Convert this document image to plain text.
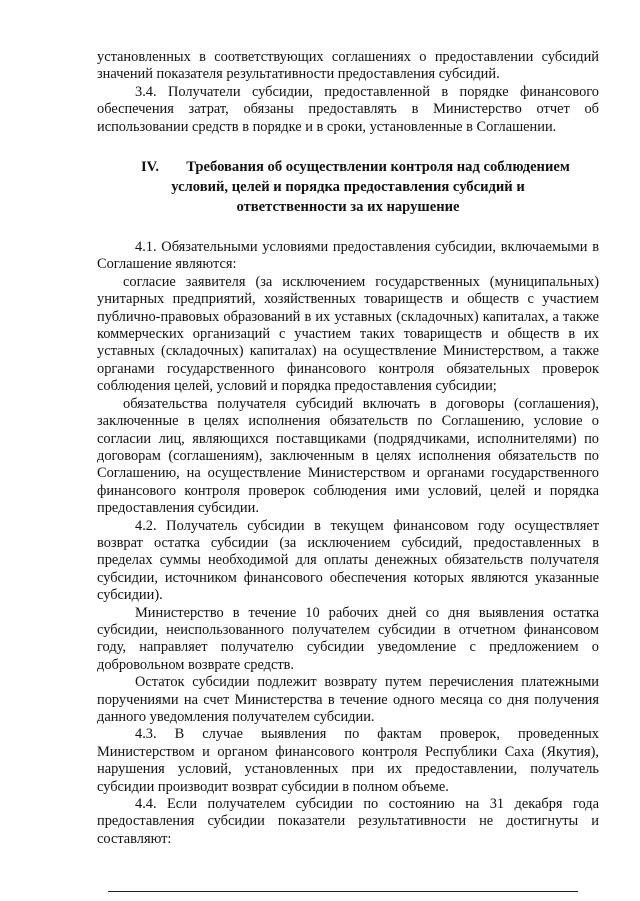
установленных в соответствующих соглашениях о предоставлении субсидий значений показателя результативности предоставления субсидий.

3.4. Получатели субсидии, предоставленной в порядке финансового обеспечения затрат, обязаны предоставлять в Министерство отчет об использовании средств в порядке и в сроки, установленные в Соглашении.

IV.	Требования об осуществлении контроля над соблюдением
условий, целей и порядка предоставления субсидий и
ответственности за их нарушение

4.1. Обязательными условиями предоставления субсидии, включаемыми в Соглашение являются:

согласие заявителя (за исключением государственных (муниципальных) унитарных предприятий, хозяйственных товариществ и обществ с участием публично-правовых образований в их уставных (складочных) капиталах, а также коммерческих организаций с участием таких товариществ и обществ в их уставных (складочных) капиталах) на осуществление Министерством, а также органами государственного финансового контроля обязательных проверок соблюдения целей, условий и порядка предоставления субсидии;

обязательства получателя субсидий включать в договоры (соглашения), заключенные в целях исполнения обязательств по Соглашению, условие о согласии лиц, являющихся поставщиками (подрядчиками, исполнителями) по договорам (соглашениям), заключенным в целях исполнения обязательств по Соглашению, на осуществление Министерством и органами государственного финансового контроля проверок соблюдения ими условий, целей и порядка предоставления субсидии.

4.2. Получатель субсидии в текущем финансовом году осуществляет возврат остатка субсидии (за исключением субсидий, предоставленных в пределах суммы необходимой для оплаты денежных обязательств получателя субсидии, источником финансового обеспечения которых являются указанные субсидии).

Министерство в течение 10 рабочих дней со дня выявления остатка субсидии, неиспользованного получателем субсидии в отчетном финансовом году, направляет получателю субсидии уведомление с предложением о добровольном возврате средств.

Остаток субсидии подлежит возврату путем перечисления платежными поручениями на счет Министерства в течение одного месяца со дня получения данного уведомления получателем субсидии.

4.3. В случае выявления по фактам проверок, проведенных Министерством и органом финансового контроля Республики Саха (Якутия), нарушения условий, установленных при их предоставлении, получатель субсидии производит возврат субсидии в полном объеме.

4.4. Если получателем субсидии по состоянию на 31 декабря года предоставления субсидии показатели результативности не достигнуты и составляют:
